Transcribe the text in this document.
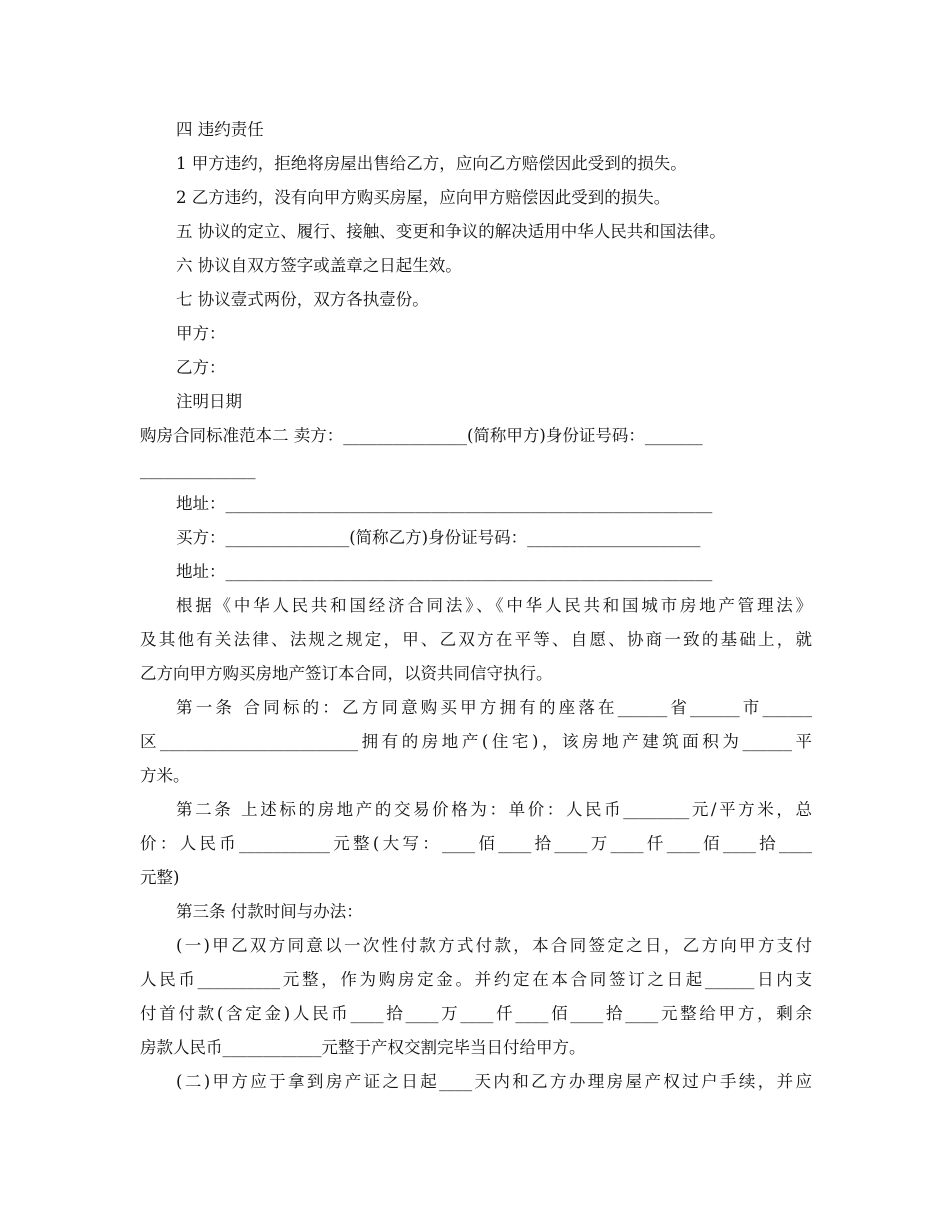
四 违约责任
1 甲方违约，拒绝将房屋出售给乙方，应向乙方赔偿因此受到的损失。
2 乙方违约，没有向甲方购买房屋，应向甲方赔偿因此受到的损失。
五 协议的定立、履行、接触、变更和争议的解决适用中华人民共和国法律。
六 协议自双方签字或盖章之日起生效。
七 协议壹式两份，双方各执壹份。
甲方：
乙方：
注明日期
购房合同标准范本二 卖方：_______________(简称甲方)身份证号码：_______
______________
地址：___________________________________________________________
买方：_______________(简称乙方)身份证号码：_____________________
地址：___________________________________________________________
根据《中华人民共和国经济合同法》、《中华人民共和国城市房地产管理法》
及其他有关法律、法规之规定，甲、乙双方在平等、自愿、协商一致的基础上，就
乙方向甲方购买房地产签订本合同，以资共同信守执行。
第一条 合同标的：乙方同意购买甲方拥有的座落在______省______市______
区________________________拥有的房地产(住宅)，该房地产建筑面积为______平
方米。
第二条 上述标的房地产的交易价格为：单价：人民币________元/平方米，总
价：人民币___________元整(大写：____佰____拾____万____仟____佰____拾____
元整)
第三条 付款时间与办法：
(一)甲乙双方同意以一次性付款方式付款，本合同签定之日，乙方向甲方支付
人民币__________元整，作为购房定金。并约定在本合同签订之日起______日内支
付首付款(含定金)人民币____拾____万____仟____佰____拾____元整给甲方，剩余
房款人民币____________元整于产权交割完毕当日付给甲方。
(二)甲方应于拿到房产证之日起____天内和乙方办理房屋产权过户手续，并应
